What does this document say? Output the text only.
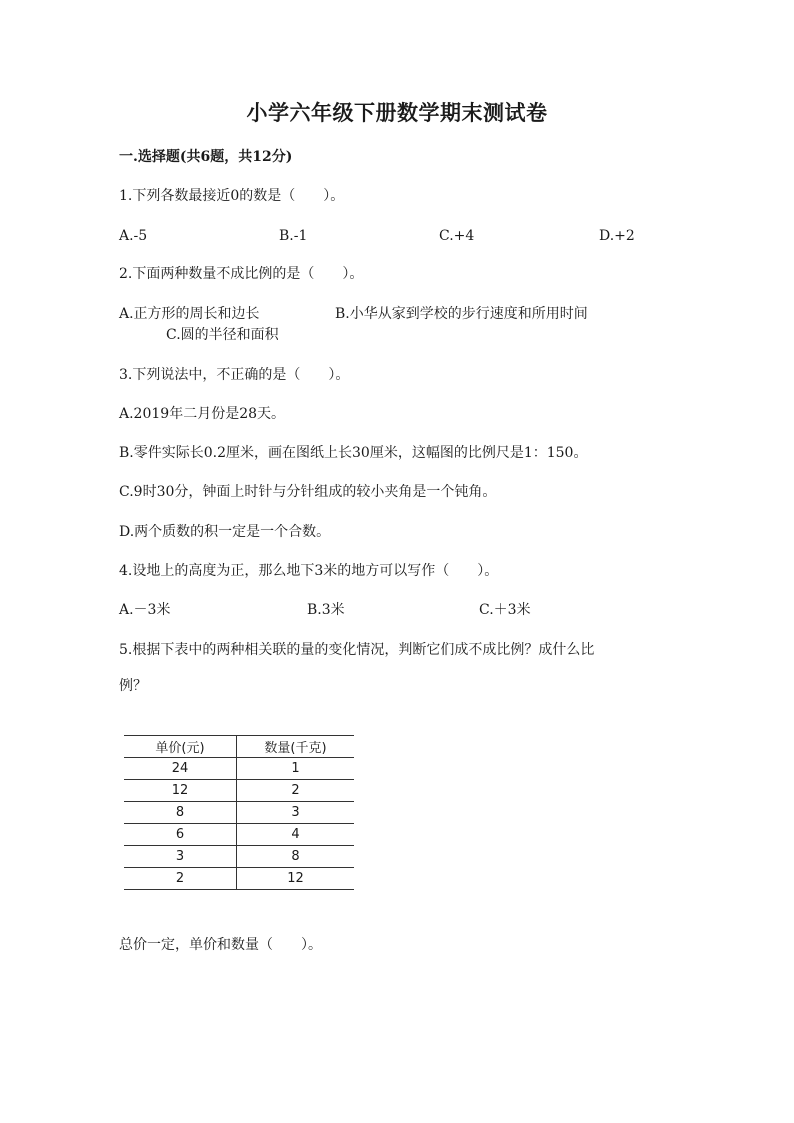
小学六年级下册数学期末测试卷
一.选择题(共6题，共12分)
1.下列各数最接近0的数是（　　）。
A.-5	B.-1	C.+4	D.+2
2.下面两种数量不成比例的是（　　）。
A.正方形的周长和边长	B.小华从家到学校的步行速度和所用时间
C.圆的半径和面积
3.下列说法中，不正确的是（　　）。
A.2019年二月份是28天。
B.零件实际长0.2厘米，画在图纸上长30厘米，这幅图的比例尺是1：150。
C.9时30分，钟面上时针与分针组成的较小夹角是一个钝角。
D.两个质数的积一定是一个合数。
4.设地上的高度为正，那么地下3米的地方可以写作（　　）。
A.－3米	B.3米	C.＋3米
5.根据下表中的两种相关联的量的变化情况，判断它们成不成比例？成什么比
例？
单价(元)	数量(千克)
24	1
12	2
8	3
6	4
3	8
2	12
总价一定，单价和数量（　　）。
